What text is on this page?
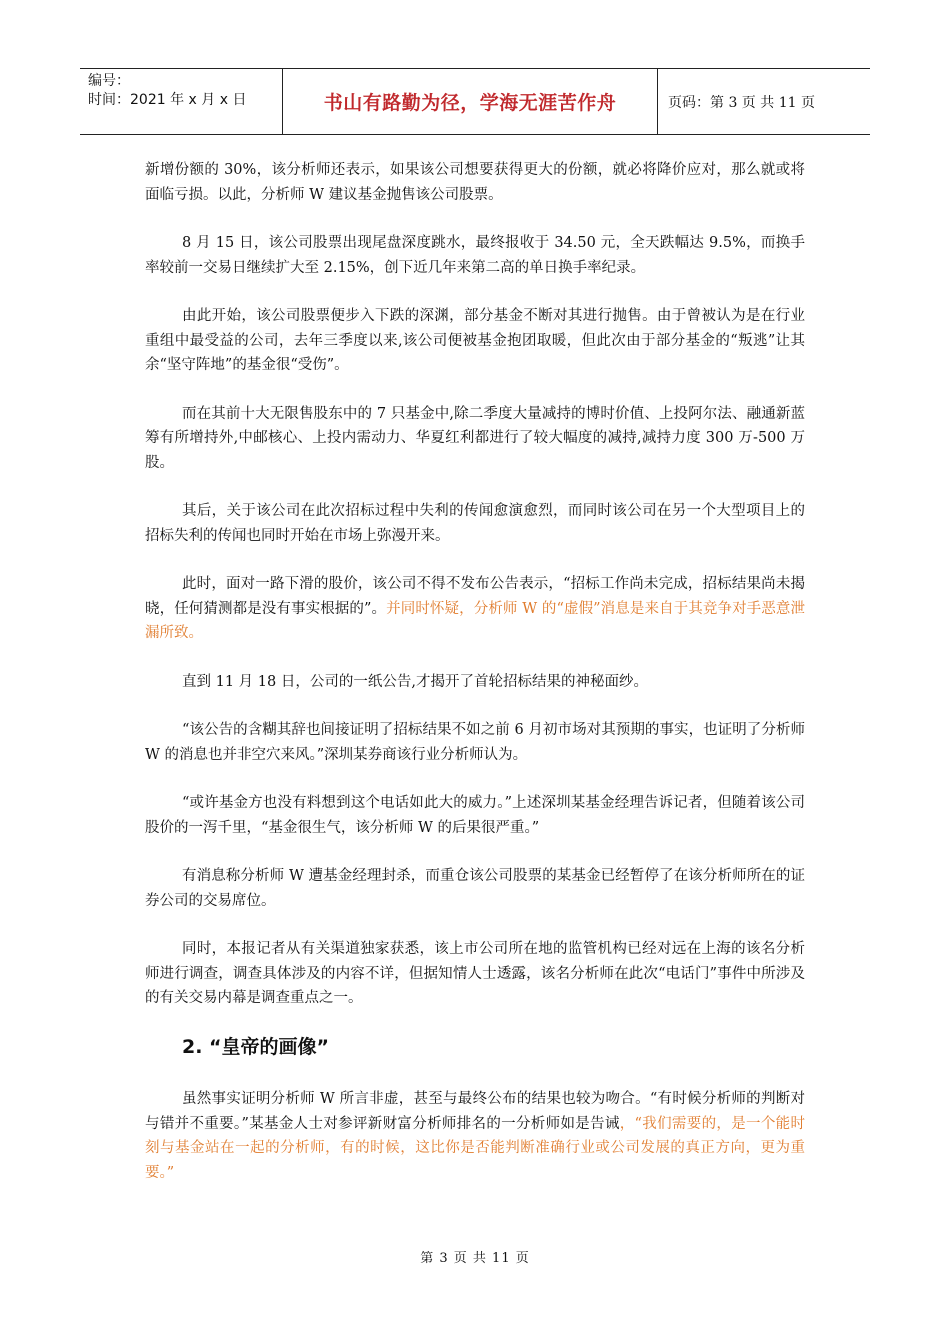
编号：
时间：2021 年 x 月 x 日	书山有路勤为径，学海无涯苦作舟	页码：第 3 页 共 11 页

新增份额的 30%，该分析师还表示，如果该公司想要获得更大的份额，就必将降价应对，那么就或将面临亏损。以此，分析师 W 建议基金抛售该公司股票。

8 月 15 日，该公司股票出现尾盘深度跳水，最终报收于 34.50 元，全天跌幅达 9.5%，而换手率较前一交易日继续扩大至 2.15%，创下近几年来第二高的单日换手率纪录。

由此开始，该公司股票便步入下跌的深渊，部分基金不断对其进行抛售。由于曾被认为是在行业重组中最受益的公司，去年三季度以来,该公司便被基金抱团取暖，但此次由于部分基金的“叛逃”让其余“坚守阵地”的基金很“受伤”。

而在其前十大无限售股东中的 7 只基金中,除二季度大量减持的博时价值、上投阿尔法、融通新蓝筹有所增持外,中邮核心、上投内需动力、华夏红利都进行了较大幅度的减持,减持力度 300 万-500 万股。

其后，关于该公司在此次招标过程中失利的传闻愈演愈烈，而同时该公司在另一个大型项目上的招标失利的传闻也同时开始在市场上弥漫开来。

此时，面对一路下滑的股价，该公司不得不发布公告表示，“招标工作尚未完成，招标结果尚未揭晓，任何猜测都是没有事实根据的”。并同时怀疑，分析师 W 的“虚假”消息是来自于其竞争对手恶意泄漏所致。

直到 11 月 18 日，公司的一纸公告,才揭开了首轮招标结果的神秘面纱。

“该公告的含糊其辞也间接证明了招标结果不如之前 6 月初市场对其预期的事实，也证明了分析师 W 的消息也并非空穴来风。”深圳某券商该行业分析师认为。

“或许基金方也没有料想到这个电话如此大的威力。”上述深圳某基金经理告诉记者，但随着该公司股价的一泻千里，“基金很生气，该分析师 W 的后果很严重。”

有消息称分析师 W 遭基金经理封杀，而重仓该公司股票的某基金已经暂停了在该分析师所在的证券公司的交易席位。

同时，本报记者从有关渠道独家获悉，该上市公司所在地的监管机构已经对远在上海的该名分析师进行调查，调查具体涉及的内容不详，但据知情人士透露，该名分析师在此次“电话门”事件中所涉及的有关交易内幕是调查重点之一。

2. “皇帝的画像”

虽然事实证明分析师 W 所言非虚，甚至与最终公布的结果也较为吻合。“有时候分析师的判断对与错并不重要。”某基金人士对参评新财富分析师排名的一分析师如是告诫，“我们需要的，是一个能时刻与基金站在一起的分析师，有的时候，这比你是否能判断准确行业或公司发展的真正方向，更为重要。”

第 3 页 共 11 页
